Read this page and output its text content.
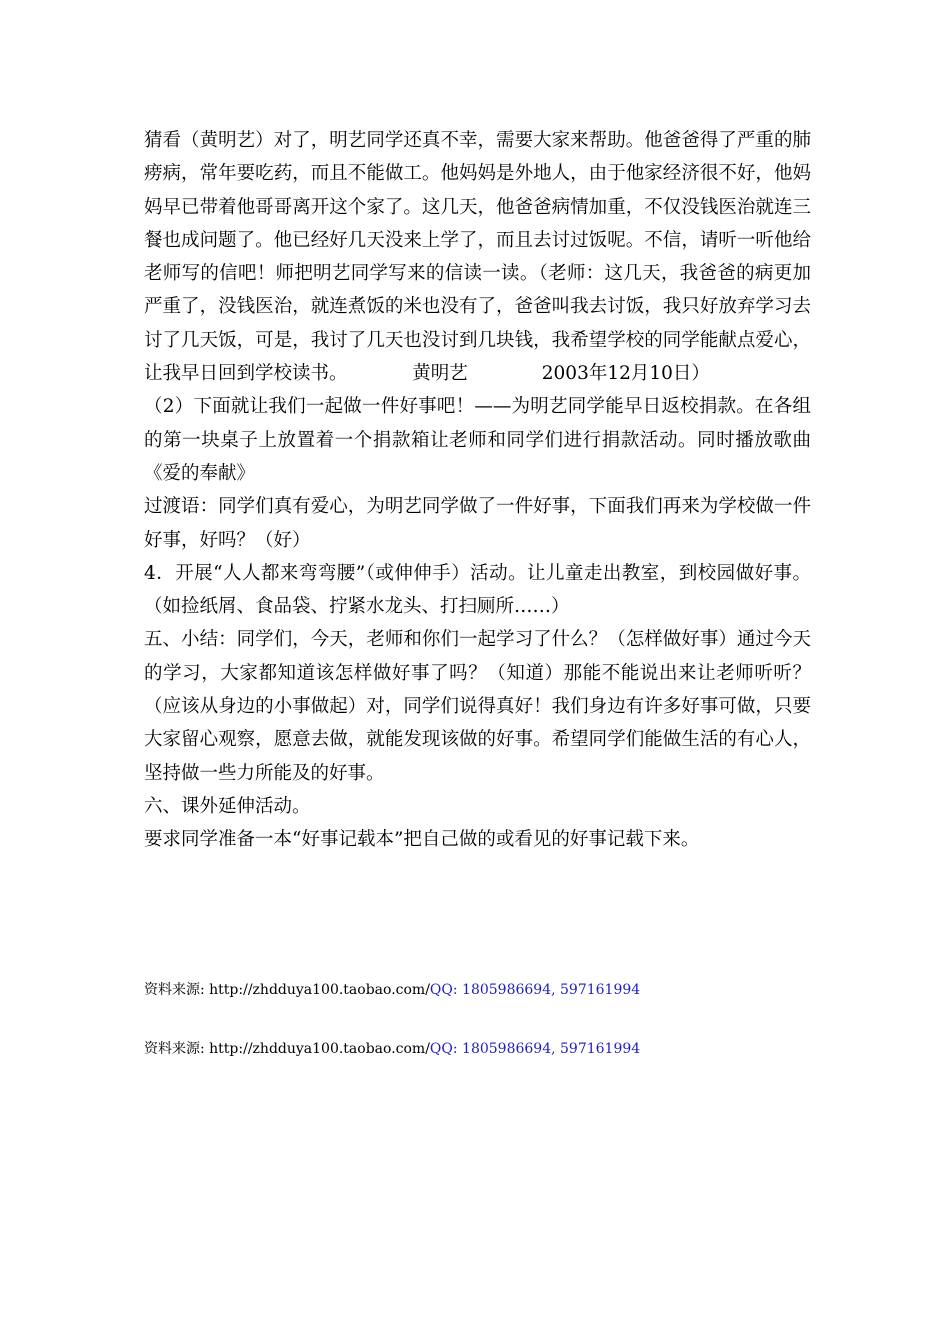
猜看（黄明艺）对了，明艺同学还真不幸，需要大家来帮助。他爸爸得了严重的肺痨病，常年要吃药，而且不能做工。他妈妈是外地人，由于他家经济很不好，他妈妈早已带着他哥哥离开这个家了。这几天，他爸爸病情加重，不仅没钱医治就连三餐也成问题了。他已经好几天没来上学了，而且去讨过饭呢。不信，请听一听他给老师写的信吧！师把明艺同学写来的信读一读。（老师：这几天，我爸爸的病更加严重了，没钱医治，就连煮饭的米也没有了，爸爸叫我去讨饭，我只好放弃学习去讨了几天饭，可是，我讨了几天也没讨到几块钱，我希望学校的同学能献点爱心，让我早日回到学校读书。　　　　黄明艺　　　　2003年12月10日）

（2）下面就让我们一起做一件好事吧！——为明艺同学能早日返校捐款。在各组的第一块桌子上放置着一个捐款箱让老师和同学们进行捐款活动。同时播放歌曲《爱的奉献》

过渡语：同学们真有爱心，为明艺同学做了一件好事，下面我们再来为学校做一件好事，好吗？（好）

4．开展“人人都来弯弯腰”（或伸伸手）活动。让儿童走出教室，到校园做好事。（如捡纸屑、食品袋、拧紧水龙头、打扫厕所……）

五、小结：同学们，今天，老师和你们一起学习了什么？（怎样做好事）通过今天的学习，大家都知道该怎样做好事了吗？（知道）那能不能说出来让老师听听？（应该从身边的小事做起）对，同学们说得真好！我们身边有许多好事可做，只要大家留心观察，愿意去做，就能发现该做的好事。希望同学们能做生活的有心人，坚持做一些力所能及的好事。

六、课外延伸活动。

要求同学准备一本“好事记载本”把自己做的或看见的好事记载下来。

资料来源: http://zhdduya100.taobao.com/QQ: 1805986694, 597161994
资料来源: http://zhdduya100.taobao.com/QQ: 1805986694, 597161994
